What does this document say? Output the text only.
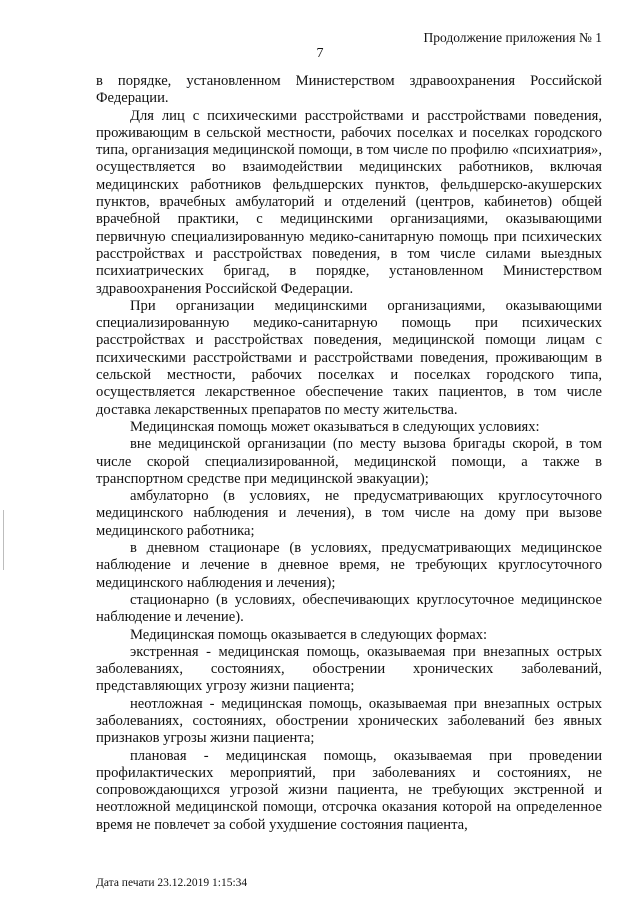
Продолжение приложения № 1
7

в порядке, установленном Министерством здравоохранения Российской Федерации.

Для лиц с психическими расстройствами и расстройствами поведения, проживающим в сельской местности, рабочих поселках и поселках городского типа, организация медицинской помощи, в том числе по профилю «психиатрия», осуществляется во взаимодействии медицинских работников, включая медицинских работников фельдшерских пунктов, фельдшерско-акушерских пунктов, врачебных амбулаторий и отделений (центров, кабинетов) общей врачебной практики, с медицинскими организациями, оказывающими первичную специализированную медико-санитарную помощь при психических расстройствах и расстройствах поведения, в том числе силами выездных психиатрических бригад, в порядке, установленном Министерством здравоохранения Российской Федерации.

При организации медицинскими организациями, оказывающими специализированную медико-санитарную помощь при психических расстройствах и расстройствах поведения, медицинской помощи лицам с психическими расстройствами и расстройствами поведения, проживающим в сельской местности, рабочих поселках и поселках городского типа, осуществляется лекарственное обеспечение таких пациентов, в том числе доставка лекарственных препаратов по месту жительства.

Медицинская помощь может оказываться в следующих условиях:

вне медицинской организации (по месту вызова бригады скорой, в том числе скорой специализированной, медицинской помощи, а также в транспортном средстве при медицинской эвакуации);

амбулаторно (в условиях, не предусматривающих круглосуточного медицинского наблюдения и лечения), в том числе на дому при вызове медицинского работника;

в дневном стационаре (в условиях, предусматривающих медицинское наблюдение и лечение в дневное время, не требующих круглосуточного медицинского наблюдения и лечения);

стационарно (в условиях, обеспечивающих круглосуточное медицинское наблюдение и лечение).

Медицинская помощь оказывается в следующих формах:

экстренная - медицинская помощь, оказываемая при внезапных острых заболеваниях, состояниях, обострении хронических заболеваний, представляющих угрозу жизни пациента;

неотложная - медицинская помощь, оказываемая при внезапных острых заболеваниях, состояниях, обострении хронических заболеваний без явных признаков угрозы жизни пациента;

плановая - медицинская помощь, оказываемая при проведении профилактических мероприятий, при заболеваниях и состояниях, не сопровождающихся угрозой жизни пациента, не требующих экстренной и неотложной медицинской помощи, отсрочка оказания которой на определенное время не повлечет за собой ухудшение состояния пациента,

Дата печати 23.12.2019 1:15:34
